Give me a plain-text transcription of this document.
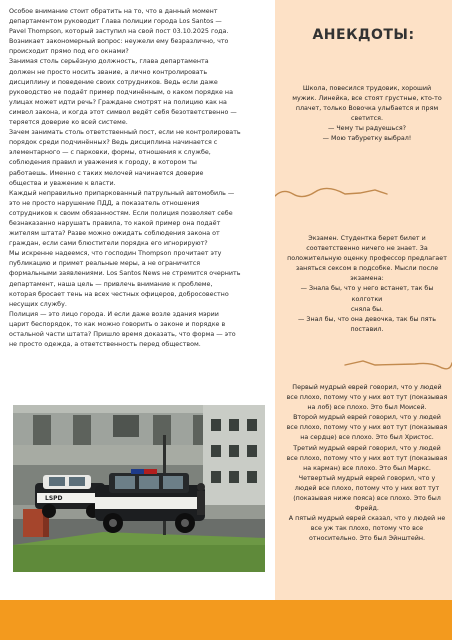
Особое внимание стоит обратить на то, что в данный момент
департаментом руководит Глава полиции города Los Santos —
Pavel Thompson, который заступил на свой пост 03.10.2025 года.
Возникает закономерный вопрос: неужели ему безразлично, что
происходит прямо под его окнами?
Занимая столь серьёзную должность, глава департамента
должен не просто носить звание, а лично контролировать
дисциплину и поведение своих сотрудников. Ведь если даже
руководство не подаёт пример подчинённым, о каком порядке на
улицах может идти речь? Граждане смотрят на полицию как на
символ закона, и когда этот символ ведёт себя безответственно —
теряется доверие ко всей системе.
Зачем занимать столь ответственный пост, если не контролировать
порядок среди подчинённых? Ведь дисциплина начинается с
элементарного — с парковки, формы, отношения к службе,
соблюдения правил и уважения к городу, в котором ты
работаешь. Именно с таких мелочей начинается доверие
общества и уважение к власти.
Каждый неправильно припаркованный патрульный автомобиль —
это не просто нарушение ПДД, а показатель отношения
сотрудников к своим обязанностям. Если полиция позволяет себе
безнаказанно нарушать правила, то какой пример она подаёт
жителям штата? Разве можно ожидать соблюдения закона от
граждан, если сами блюстители порядка его игнорируют?
Мы искренне надеемся, что господин Thompson прочитает эту
публикацию и примет реальные меры, а не ограничится
формальными заявлениями. Los Santos News не стремится очернить
департамент, наша цель — привлечь внимание к проблеме,
которая бросает тень на всех честных офицеров, добросовестно
несущих службу.
Полиция — это лицо города. И если даже возле здания мэрии
царит беспорядок, то как можно говорить о законе и порядке в
остальной части штата? Пришло время доказать, что форма — это
не просто одежда, а ответственность перед обществом.

LSPD
АНЕКДОТЫ:

Школа, повесился трудовик, хороший
мужик. Линейка, все стоят грустные, кто-то
плачет, только Вовочка улыбается и прям
светится.
— Чему ты радуешься?
— Мою табуретку выбрал!

Экзамен. Студентка берет билет и
соответственно ничего не знает. За
положительную оценку профессор предлагает
заняться сексом в подсобке. Мысли после
экзамена:
— Знала бы, что у него встанет, так бы колготки
сняла бы.
— Знал бы, что она девочка, так бы пять
поставил.

Первый мудрый еврей говорил, что у людей
все плохо, потому что у них вот тут (показывая
на лоб) все плохо. Это был Моисей.
Второй мудрый еврей говорил, что у людей
все плохо, потому что у них вот тут (показывая
на сердце) все плохо. Это был Христос.
Третий мудрый еврей говорил, что у людей
все плохо, потому что у них вот тут (показывая
на карман) все плохо. Это был Маркс.
Четвертый мудрый еврей говорил, что у
людей все плохо, потому что у них вот тут
(показывая ниже пояса) все плохо. Это был
Фрейд.
А пятый мудрый еврей сказал, что у людей не
все уж так плохо, потому что все
относительно. Это был Эйнштейн.
